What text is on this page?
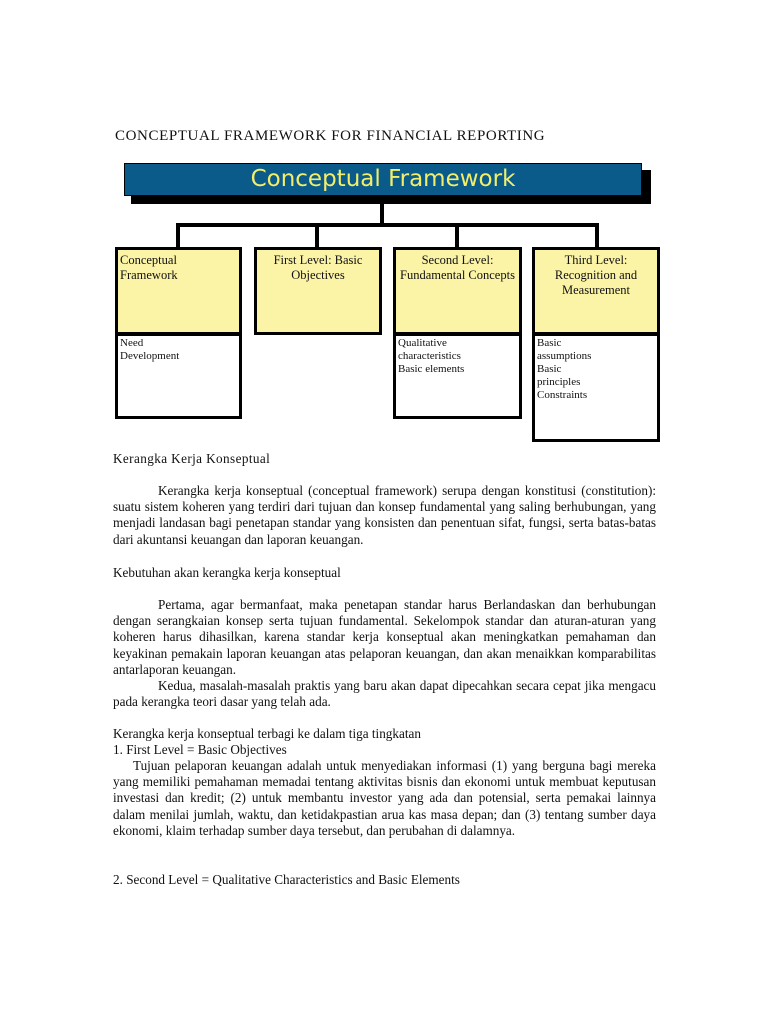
CONCEPTUAL FRAMEWORK FOR FINANCIAL REPORTING
Conceptual Framework
Conceptual
Framework
Need
Development
First Level: Basic Objectives
Second Level: Fundamental Concepts
Qualitative
characteristics
Basic elements
Third Level: Recognition and Measurement
Basic
assumptions
Basic
principles
Constraints

Kerangka Kerja Konseptual

Kerangka kerja konseptual (conceptual framework) serupa dengan konstitusi (constitution): suatu sistem koheren yang terdiri dari tujuan dan konsep fundamental yang saling berhubungan, yang menjadi landasan bagi penetapan standar yang konsisten dan penentuan sifat, fungsi, serta batas-batas dari akuntansi keuangan dan laporan keuangan.

Kebutuhan akan kerangka kerja konseptual

Pertama, agar bermanfaat, maka penetapan standar harus Berlandaskan dan berhubungan dengan serangkaian konsep serta tujuan fundamental. Sekelompok standar dan aturan-aturan yang koheren harus dihasilkan, karena standar kerja konseptual akan meningkatkan pemahaman dan keyakinan pemakain laporan keuangan atas pelaporan keuangan, dan akan menaikkan komparabilitas antarlaporan keuangan.

Kedua, masalah-masalah praktis yang baru akan dapat dipecahkan secara cepat jika mengacu pada kerangka teori dasar yang telah ada.

Kerangka kerja konseptual terbagi ke dalam tiga tingkatan

1. First Level = Basic Objectives

Tujuan pelaporan keuangan adalah untuk menyediakan informasi (1) yang berguna bagi mereka yang memiliki pemahaman memadai tentang aktivitas bisnis dan ekonomi untuk membuat keputusan investasi dan kredit; (2) untuk membantu investor yang ada dan potensial, serta pemakai lainnya dalam menilai jumlah, waktu, dan ketidakpastian arua kas masa depan; dan (3) tentang sumber daya ekonomi, klaim terhadap sumber daya tersebut, dan perubahan di dalamnya.

2. Second Level = Qualitative Characteristics and Basic Elements
